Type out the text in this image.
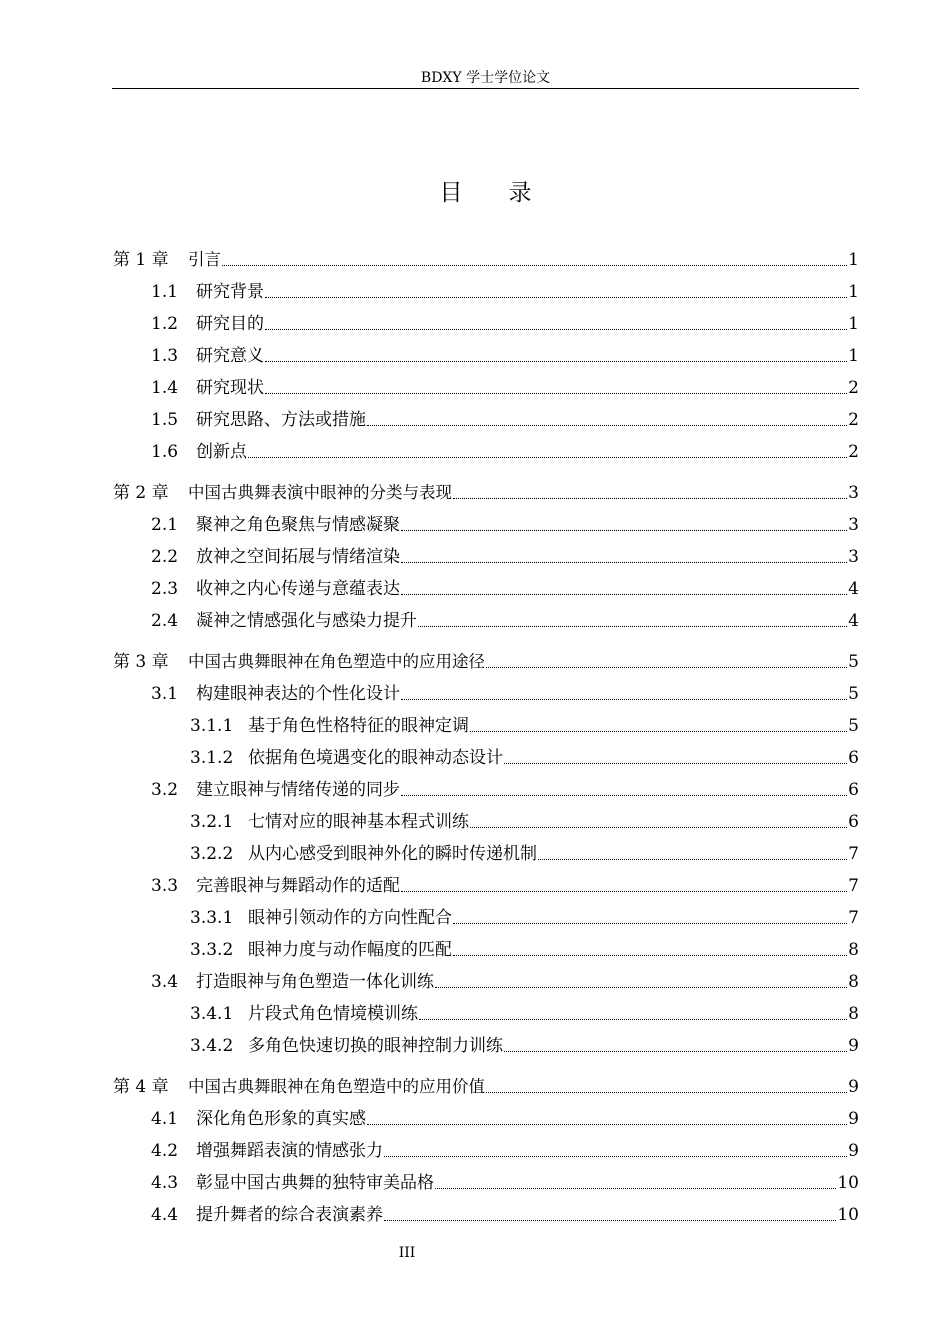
BDXY 学士学位论文
目 录
第 1 章	引言	1
1.1	研究背景	1
1.2	研究目的	1
1.3	研究意义	1
1.4	研究现状	2
1.5	研究思路、方法或措施	2
1.6	创新点	2
第 2 章	中国古典舞表演中眼神的分类与表现	3
2.1	聚神之角色聚焦与情感凝聚	3
2.2	放神之空间拓展与情绪渲染	3
2.3	收神之内心传递与意蕴表达	4
2.4	凝神之情感强化与感染力提升	4
第 3 章	中国古典舞眼神在角色塑造中的应用途径	5
3.1	构建眼神表达的个性化设计	5
3.1.1 基于角色性格特征的眼神定调	5
3.1.2 依据角色境遇变化的眼神动态设计	6
3.2	建立眼神与情绪传递的同步	6
3.2.1 七情对应的眼神基本程式训练	6
3.2.2 从内心感受到眼神外化的瞬时传递机制	7
3.3	完善眼神与舞蹈动作的适配	7
3.3.1 眼神引领动作的方向性配合	7
3.3.2 眼神力度与动作幅度的匹配	8
3.4	打造眼神与角色塑造一体化训练	8
3.4.1 片段式角色情境模训练	8
3.4.2 多角色快速切换的眼神控制力训练	9
第 4 章	中国古典舞眼神在角色塑造中的应用价值	9
4.1	深化角色形象的真实感	9
4.2	增强舞蹈表演的情感张力	9
4.3	彰显中国古典舞的独特审美品格	10
4.4	提升舞者的综合表演素养	10
III
